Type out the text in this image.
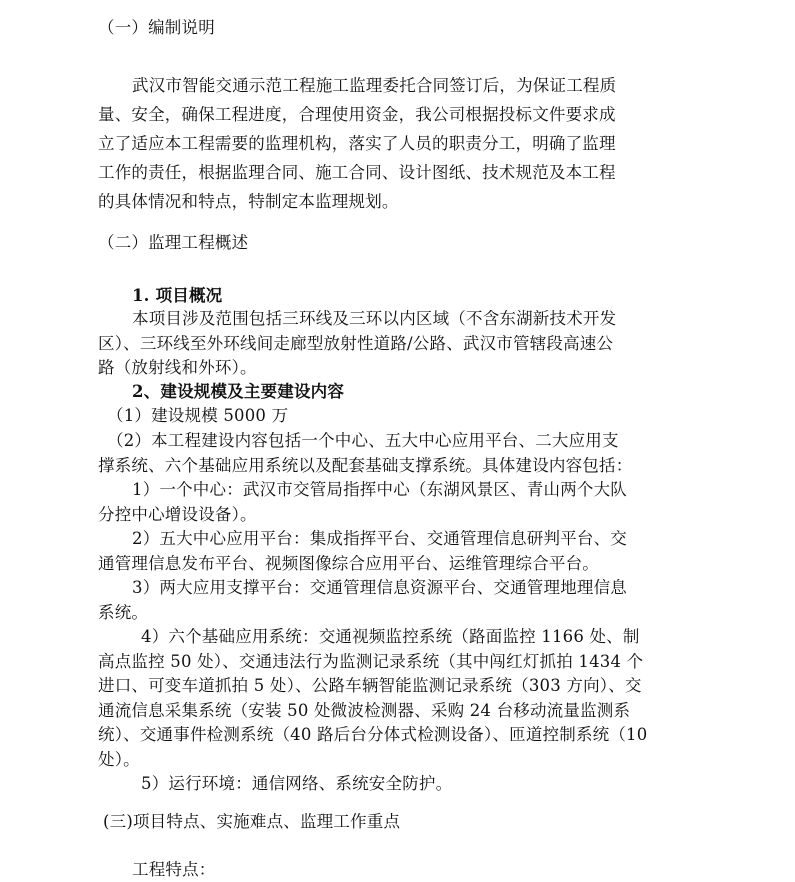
（一）编制说明
武汉市智能交通示范工程施工监理委托合同签订后，为保证工程质
量、安全，确保工程进度，合理使用资金，我公司根据投标文件要求成
立了适应本工程需要的监理机构，落实了人员的职责分工，明确了监理
工作的责任，根据监理合同、施工合同、设计图纸、技术规范及本工程
的具体情况和特点，特制定本监理规划。
（二）监理工程概述
1. 项目概况
本项目涉及范围包括三环线及三环以内区域（不含东湖新技术开发
区）、三环线至外环线间走廊型放射性道路/公路、武汉市管辖段高速公
路（放射线和外环）。
2、建设规模及主要建设内容
（1）建设规模 5000 万
（2）本工程建设内容包括一个中心、五大中心应用平台、二大应用支
撑系统、六个基础应用系统以及配套基础支撑系统。具体建设内容包括：
1）一个中心：武汉市交管局指挥中心（东湖风景区、青山两个大队
分控中心增设设备）。
2）五大中心应用平台：集成指挥平台、交通管理信息研判平台、交
通管理信息发布平台、视频图像综合应用平台、运维管理综合平台。
3）两大应用支撑平台：交通管理信息资源平台、交通管理地理信息
系统。
4）六个基础应用系统：交通视频监控系统（路面监控 1166 处、制
高点监控 50 处）、交通违法行为监测记录系统（其中闯红灯抓拍 1434 个
进口、可变车道抓拍 5 处）、公路车辆智能监测记录系统（303 方向）、交
通流信息采集系统（安装 50 处微波检测器、采购 24 台移动流量监测系
统）、交通事件检测系统（40 路后台分体式检测设备）、匝道控制系统（10
处）。
5）运行环境：通信网络、系统安全防护。
(三)项目特点、实施难点、监理工作重点
工程特点：
